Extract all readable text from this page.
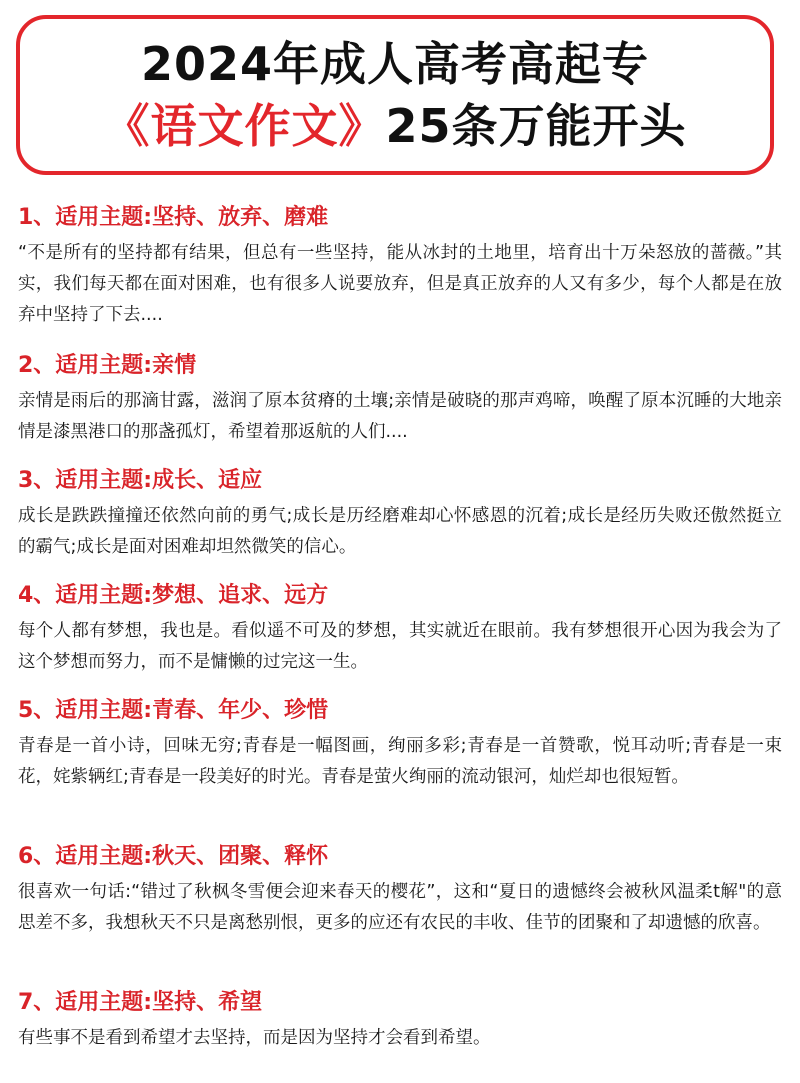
2024年成人高考高起专
《语文作文》25条万能开头
1、适用主题:坚持、放弃、磨难
“不是所有的坚持都有结果，但总有一些坚持，能从冰封的土地里，培育出十万朵怒放的蔷薇。”其实，我们每天都在面对困难，也有很多人说要放弃，但是真正放弃的人又有多少，每个人都是在放弃中坚持了下去....
2、适用主题:亲情
亲情是雨后的那滴甘露，滋润了原本贫瘠的土壤;亲情是破晓的那声鸡啼，唤醒了原本沉睡的大地亲情是漆黑港口的那盏孤灯，希望着那返航的人们....
3、适用主题:成长、适应
成长是跌跌撞撞还依然向前的勇气;成长是历经磨难却心怀感恩的沉着;成长是经历失败还傲然挺立的霸气;成长是面对困难却坦然微笑的信心。
4、适用主题:梦想、追求、远方
每个人都有梦想，我也是。看似遥不可及的梦想，其实就近在眼前。我有梦想很开心因为我会为了这个梦想而努力，而不是慵懒的过完这一生。
5、适用主题:青春、年少、珍惜
青春是一首小诗，回味无穷;青春是一幅图画，绚丽多彩;青春是一首赞歌，悦耳动听;青春是一束花，姹紫辆红;青春是一段美好的时光。青春是萤火绚丽的流动银河，灿烂却也很短暂。
6、适用主题:秋天、团聚、释怀
很喜欢一句话:“错过了秋枫冬雪便会迎来春天的樱花”，这和“夏日的遗憾终会被秋风温柔t解"的意思差不多，我想秋天不只是离愁别恨，更多的应还有农民的丰收、佳节的团聚和了却遗憾的欣喜。
7、适用主题:坚持、希望
有些事不是看到希望才去坚持，而是因为坚持才会看到希望。
